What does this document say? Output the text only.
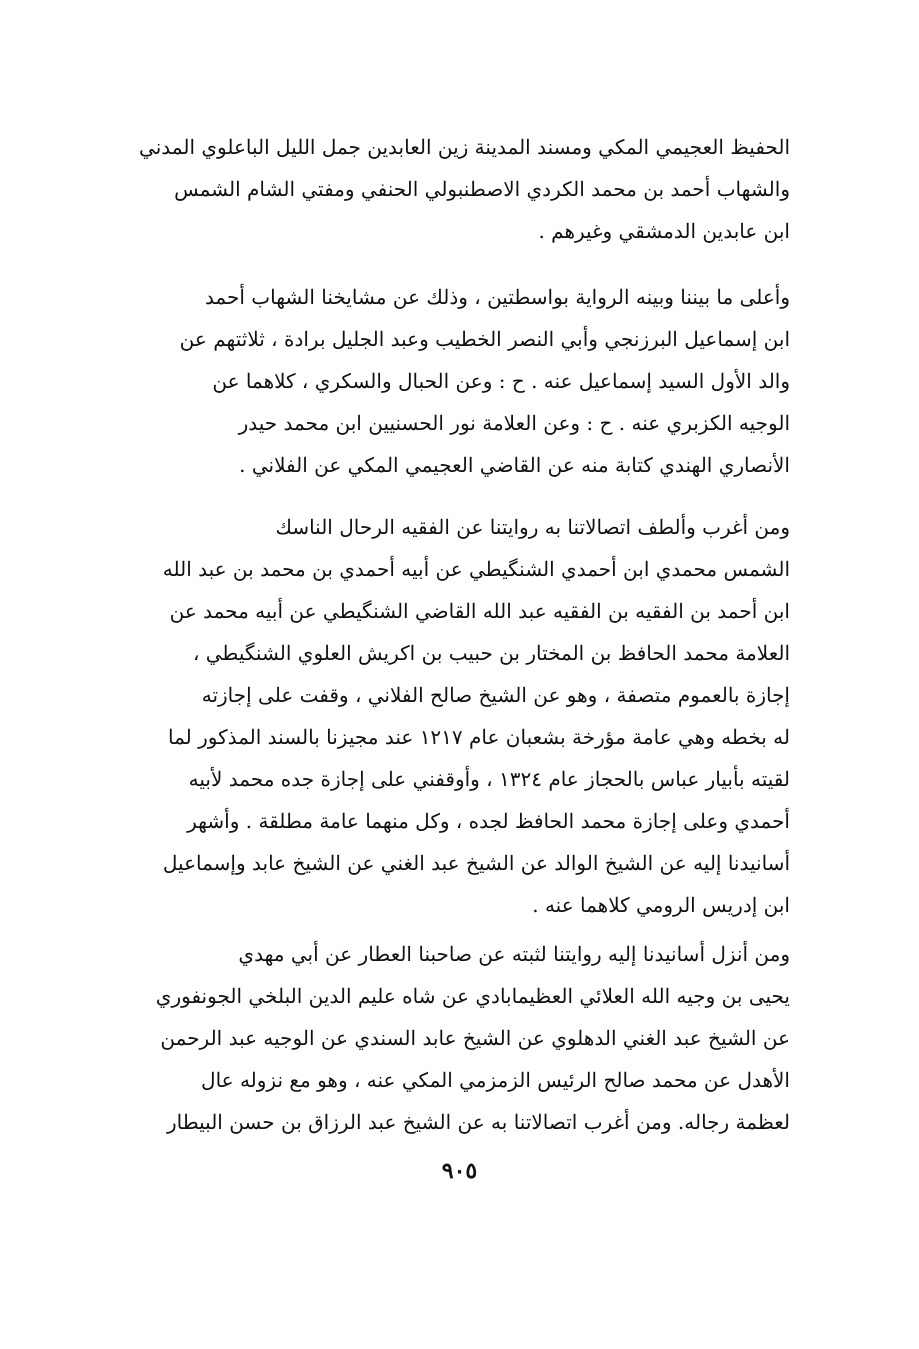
الحفيظ العجيمي المكي ومسند المدينة زين العابدين جمل الليل الباعلوي المدني
والشهاب أحمد بن محمد الكردي الاصطنبولي الحنفي ومفتي الشام الشمس
ابن عابدين الدمشقي وغيرهم .
وأعلى ما بيننا وبينه الرواية بواسطتين ، وذلك عن مشايخنا الشهاب أحمد
ابن إسماعيل البرزنجي وأبي النصر الخطيب وعبد الجليل برادة ، ثلاثتهم عن
والد الأول السيد إسماعيل عنه . ح : وعن الحبال والسكري ، كلاهما عن
الوجيه الكزبري عنه . ح : وعن العلامة نور الحسنيين ابن محمد حيدر
الأنصاري الهندي كتابة منه عن القاضي العجيمي المكي عن الفلاني .
ومن أغرب وألطف اتصالاتنا به روايتنا عن الفقيه الرحال الناسك
الشمس محمدي ابن أحمدي الشنگيطي عن أبيه أحمدي بن محمد بن عبد الله
ابن أحمد بن الفقيه بن الفقيه عبد الله القاضي الشنگيطي عن أبيه محمد عن
العلامة محمد الحافظ بن المختار بن حبيب بن اكريش العلوي الشنگيطي ،
إجازة بالعموم متصفة ، وهو عن الشيخ صالح الفلاني ، وقفت على إجازته
له بخطه وهي عامة مؤرخة بشعبان عام ١٢١٧ عند مجيزنا بالسند المذكور لما
لقيته بأبيار عباس بالحجاز عام ١٣٢٤ ، وأوقفني على إجازة جده محمد لأبيه
أحمدي وعلى إجازة محمد الحافظ لجده ، وكل منهما عامة مطلقة . وأشهر
أسانيدنا إليه عن الشيخ الوالد عن الشيخ عبد الغني عن الشيخ عابد وإسماعيل
ابن إدريس الرومي كلاهما عنه .
ومن أنزل أسانيدنا إليه روايتنا لثبته عن صاحبنا العطار عن أبي مهدي
يحيى بن وجيه الله العلائي العظيمابادي عن شاه عليم الدين البلخي الجونفوري
عن الشيخ عبد الغني الدهلوي عن الشيخ عابد السندي عن الوجيه عبد الرحمن
الأهدل عن محمد صالح الرئيس الزمزمي المكي عنه ، وهو مع نزوله عال
لعظمة رجاله. ومن أغرب اتصالاتنا به عن الشيخ عبد الرزاق بن حسن البيطار
٩٠٥
